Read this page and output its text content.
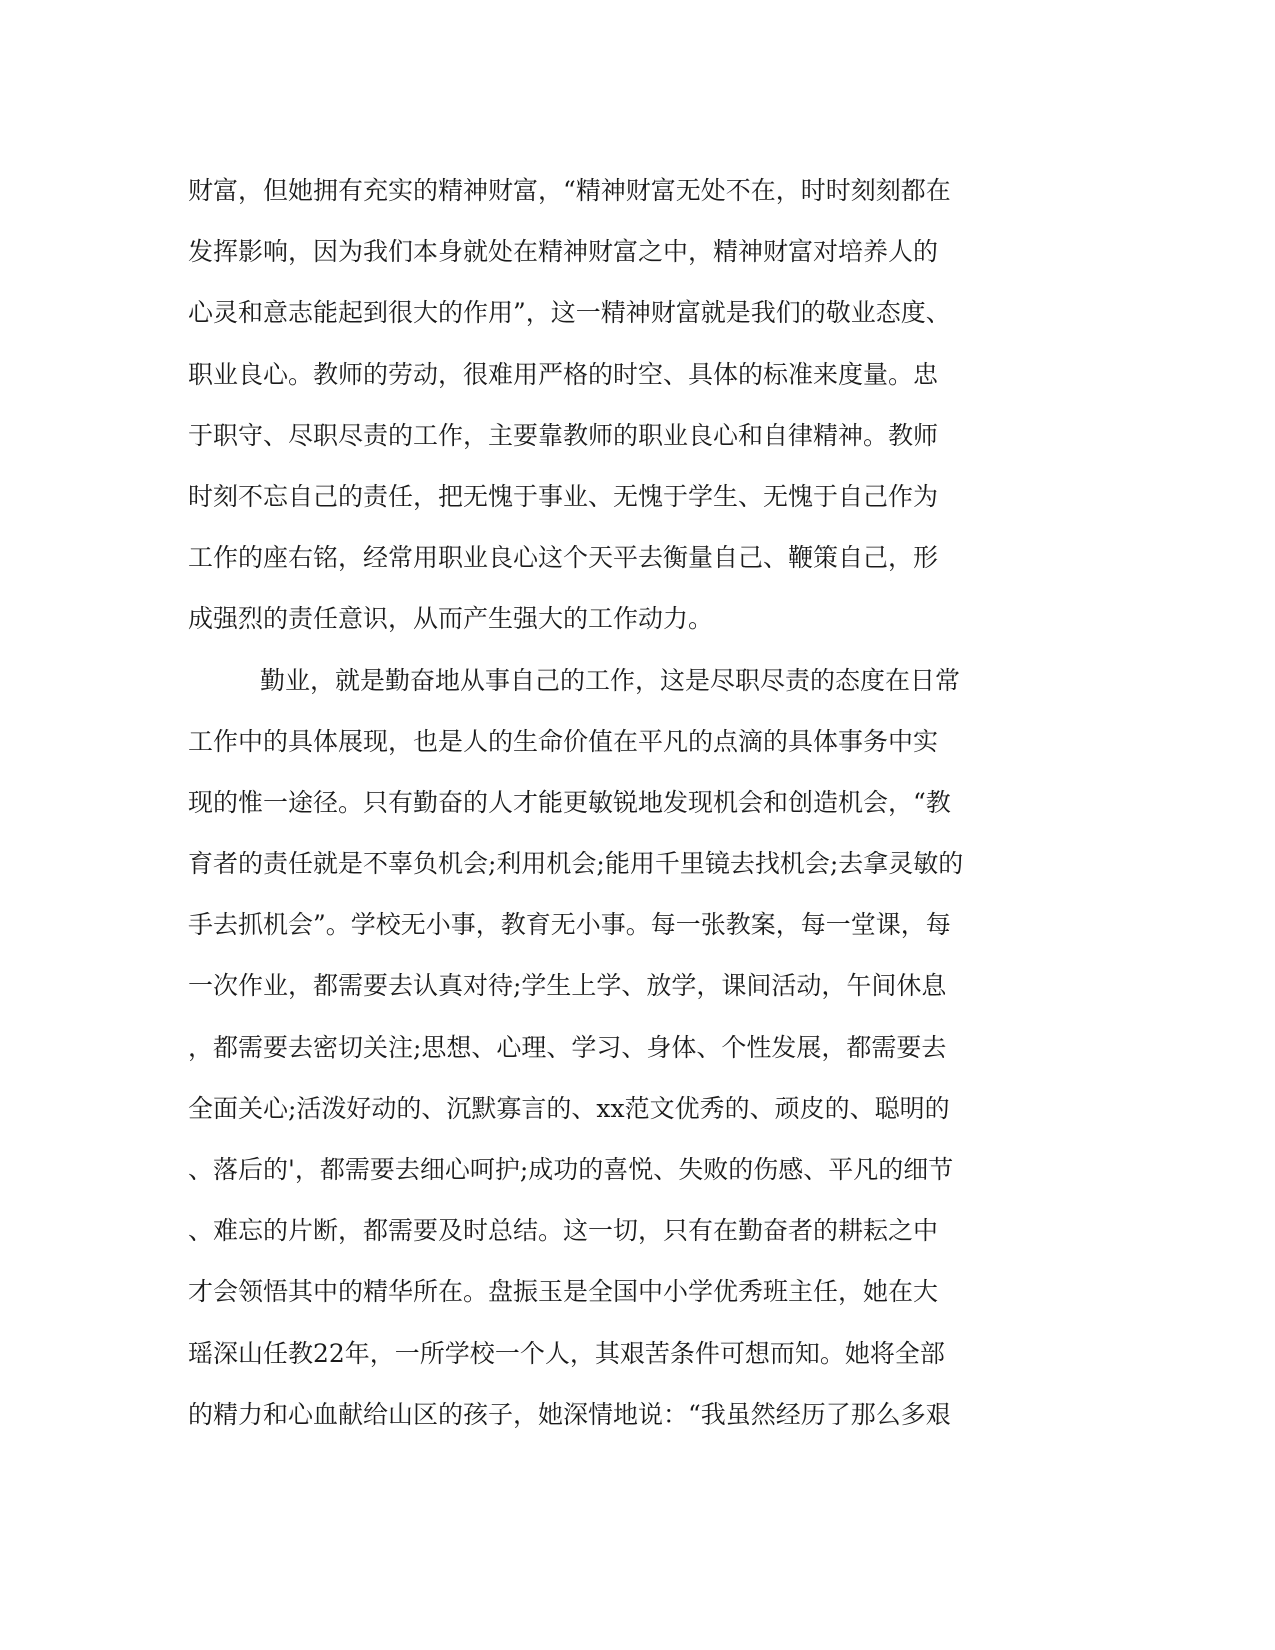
财富，但她拥有充实的精神财富，“精神财富无处不在，时时刻刻都在
发挥影响，因为我们本身就处在精神财富之中，精神财富对培养人的
心灵和意志能起到很大的作用”，这一精神财富就是我们的敬业态度、
职业良心。教师的劳动，很难用严格的时空、具体的标准来度量。忠
于职守、尽职尽责的工作，主要靠教师的职业良心和自律精神。教师
时刻不忘自己的责任，把无愧于事业、无愧于学生、无愧于自己作为
工作的座右铭，经常用职业良心这个天平去衡量自己、鞭策自己，形
成强烈的责任意识，从而产生强大的工作动力。
勤业，就是勤奋地从事自己的工作，这是尽职尽责的态度在日常
工作中的具体展现，也是人的生命价值在平凡的点滴的具体事务中实
现的惟一途径。只有勤奋的人才能更敏锐地发现机会和创造机会，“教
育者的责任就是不辜负机会;利用机会;能用千里镜去找机会;去拿灵敏的
手去抓机会”。学校无小事，教育无小事。每一张教案，每一堂课，每
一次作业，都需要去认真对待;学生上学、放学，课间活动，午间休息
，都需要去密切关注;思想、心理、学习、身体、个性发展，都需要去
全面关心;活泼好动的、沉默寡言的、xx范文优秀的、顽皮的、聪明的
、落后的'，都需要去细心呵护;成功的喜悦、失败的伤感、平凡的细节
、难忘的片断，都需要及时总结。这一切，只有在勤奋者的耕耘之中
才会领悟其中的精华所在。盘振玉是全国中小学优秀班主任，她在大
瑶深山任教22年，一所学校一个人，其艰苦条件可想而知。她将全部
的精力和心血献给山区的孩子，她深情地说：“我虽然经历了那么多艰
